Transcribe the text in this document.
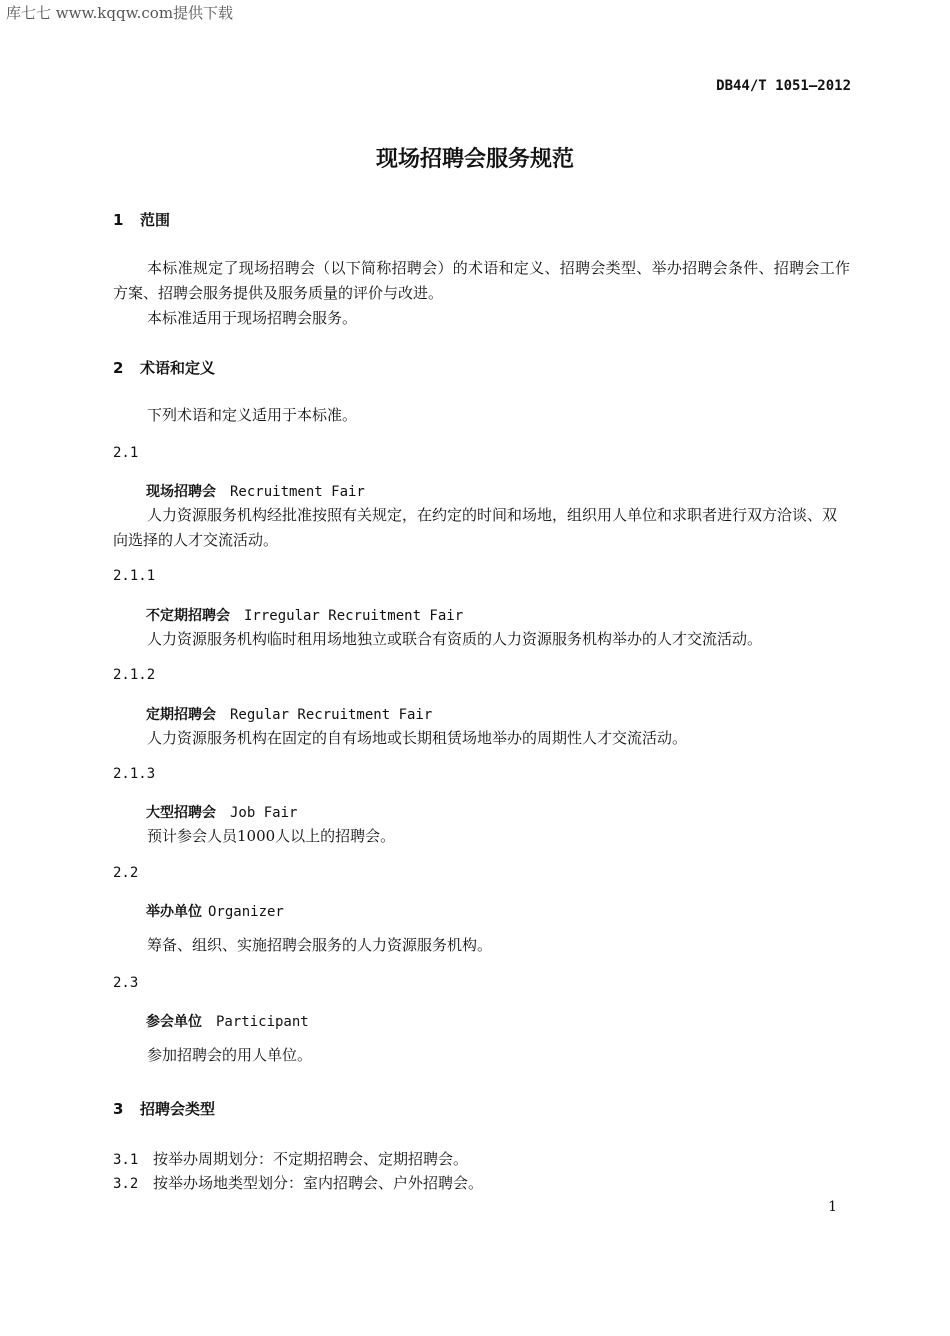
库七七 www.kqqw.com提供下载
DB44/T 1051—2012
现场招聘会服务规范
1 范围
本标准规定了现场招聘会（以下简称招聘会）的术语和定义、招聘会类型、举办招聘会条件、招聘会工作方案、招聘会服务提供及服务质量的评价与改进。
本标准适用于现场招聘会服务。
2 术语和定义
下列术语和定义适用于本标准。
2.1
现场招聘会 Recruitment Fair
人力资源服务机构经批准按照有关规定，在约定的时间和场地，组织用人单位和求职者进行双方洽谈、双向选择的人才交流活动。
2.1.1
不定期招聘会 Irregular Recruitment Fair
人力资源服务机构临时租用场地独立或联合有资质的人力资源服务机构举办的人才交流活动。
2.1.2
定期招聘会 Regular Recruitment Fair
人力资源服务机构在固定的自有场地或长期租赁场地举办的周期性人才交流活动。
2.1.3
大型招聘会 Job Fair
预计参会人员1000人以上的招聘会。
2.2
举办单位 Organizer
筹备、组织、实施招聘会服务的人力资源服务机构。
2.3
参会单位 Participant
参加招聘会的用人单位。
3 招聘会类型
3.1 按举办周期划分：不定期招聘会、定期招聘会。
3.2 按举办场地类型划分：室内招聘会、户外招聘会。
1
